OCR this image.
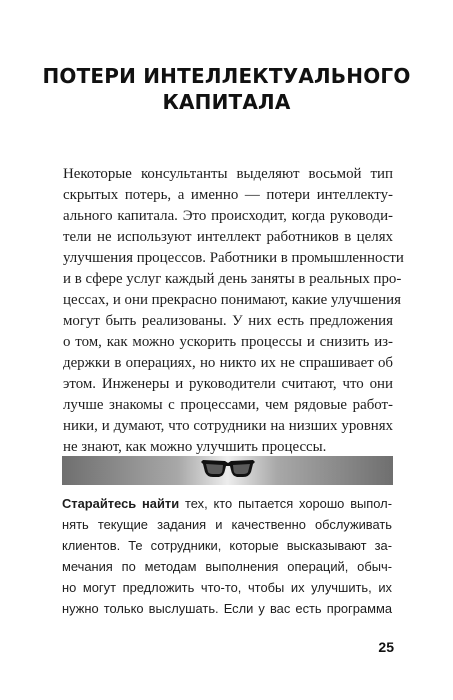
ПОТЕРИ ИНТЕЛЛЕКТУАЛЬНОГО
КАПИТАЛА
Некоторые консультанты выделяют восьмой тип
скрытых потерь, а именно — потери интеллекту-
ального капитала. Это происходит, когда руководи-
тели не используют интеллект работников в целях
улучшения процессов. Работники в промышленности
и в сфере услуг каждый день заняты в реальных про-
цессах, и они прекрасно понимают, какие улучшения
могут быть реализованы. У них есть предложения
о том, как можно ускорить процессы и снизить из-
держки в операциях, но никто их не спрашивает об
этом. Инженеры и руководители считают, что они
лучше знакомы с процессами, чем рядовые работ-
ники, и думают, что сотрудники на низших уровнях
не знают, как можно улучшить процессы.
Старайтесь найти тех, кто пытается хорошо выпол-
нять текущие задания и качественно обслуживать
клиентов. Те сотрудники, которые высказывают за-
мечания по методам выполнения операций, обыч-
но могут предложить что-то, чтобы их улучшить, их
нужно только выслушать. Если у вас есть программа
25
